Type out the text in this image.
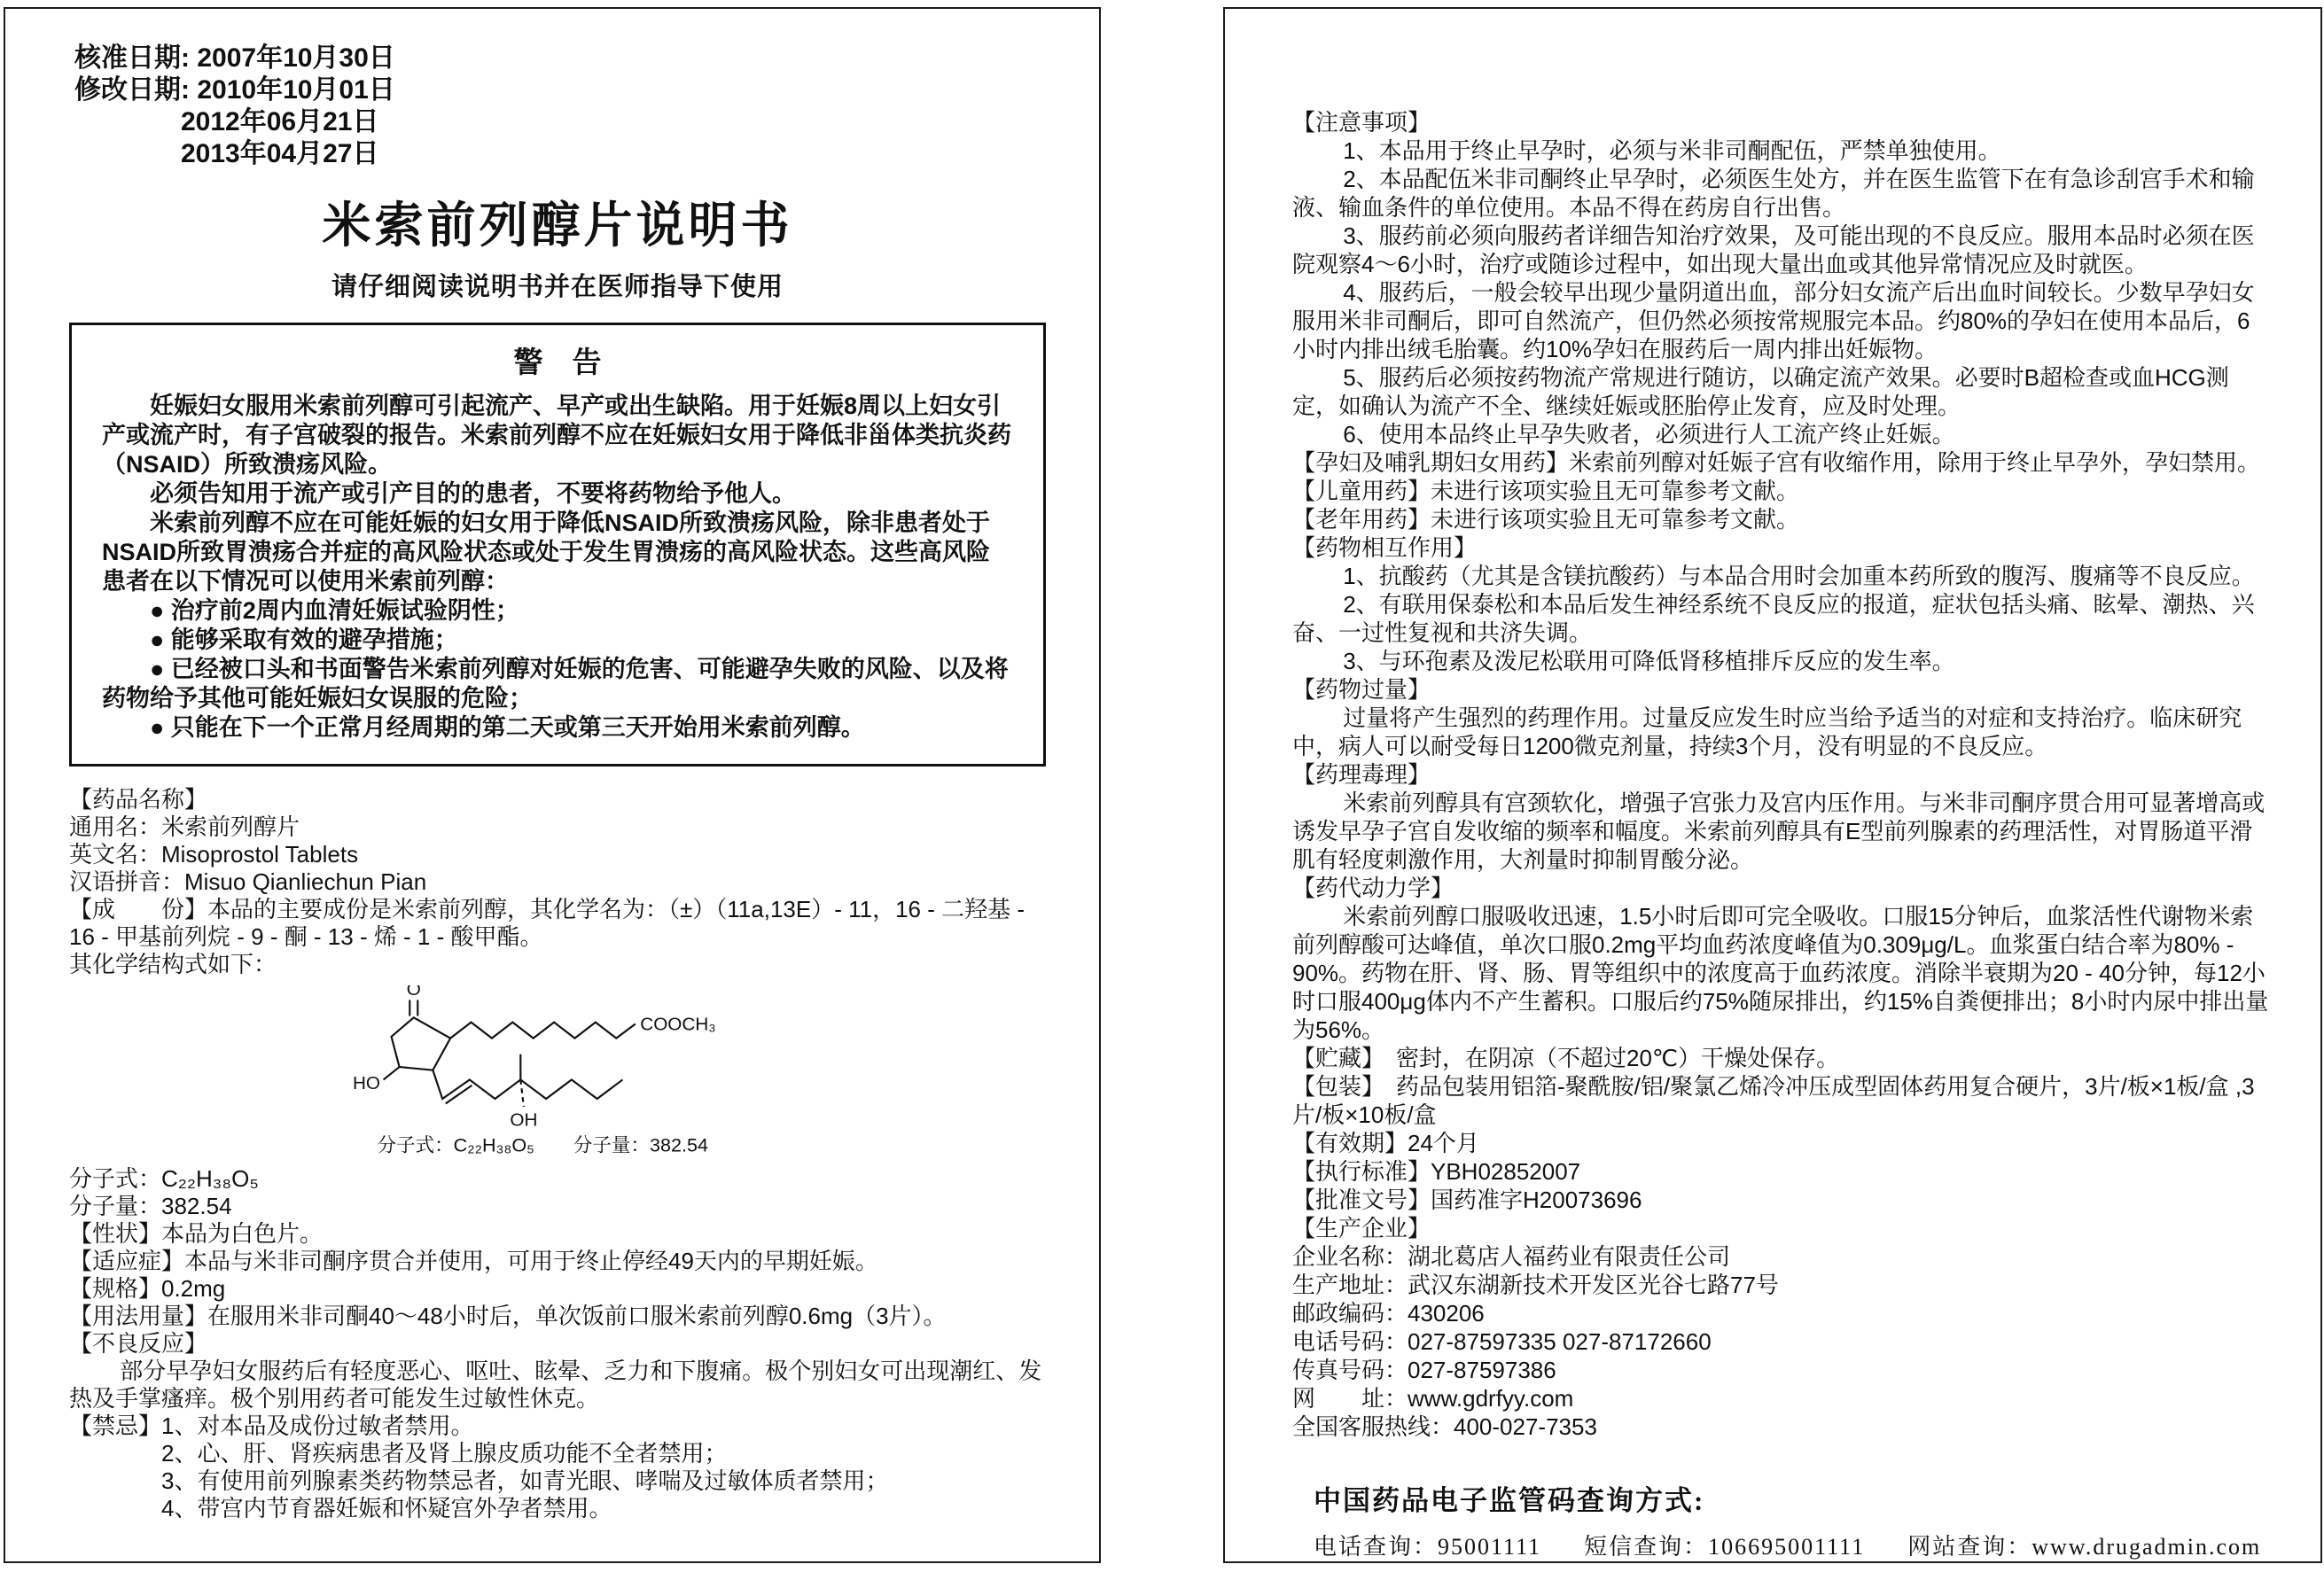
核准日期: 2007年10月30日
修改日期: 2010年10月01日
2012年06月21日
2013年04月27日
米索前列醇片说明书
请仔细阅读说明书并在医师指导下使用
警　告
妊娠妇女服用米索前列醇可引起流产、早产或出生缺陷。用于妊娠8周以上妇女引产或流产时，有子宫破裂的报告。米索前列醇不应在妊娠妇女用于降低非甾体类抗炎药（NSAID）所致溃疡风险。
必须告知用于流产或引产目的的患者，不要将药物给予他人。
米索前列醇不应在可能妊娠的妇女用于降低NSAID所致溃疡风险，除非患者处于NSAID所致胃溃疡合并症的高风险状态或处于发生胃溃疡的高风险状态。这些高风险患者在以下情况可以使用米索前列醇：
● 治疗前2周内血清妊娠试验阴性；
● 能够采取有效的避孕措施；
● 已经被口头和书面警告米索前列醇对妊娠的危害、可能避孕失败的风险、以及将药物给予其他可能妊娠妇女误服的危险；
● 只能在下一个正常月经周期的第二天或第三天开始用米索前列醇。
【药品名称】
通用名：米索前列醇片
英文名：Misoprostol Tablets
汉语拼音：Misuo Qianliechun Pian
【成　　份】本品的主要成份是米索前列醇，其化学名为：（±）（11a,13E）- 11，16 - 二羟基 - 16 - 甲基前列烷 - 9 - 酮 - 13 - 烯 - 1 - 酸甲酯。
其化学结构式如下：
O
HO
OH
COOCH₃
分子式：C₂₂H₃₈O₅ 分子量：382.54
分子式：C₂₂H₃₈O₅
分子量：382.54
【性状】本品为白色片。
【适应症】本品与米非司酮序贯合并使用，可用于终止停经49天内的早期妊娠。
【规格】0.2mg
【用法用量】在服用米非司酮40～48小时后，单次饭前口服米索前列醇0.6mg（3片）。
【不良反应】
部分早孕妇女服药后有轻度恶心、呕吐、眩晕、乏力和下腹痛。极个别妇女可出现潮红、发热及手掌瘙痒。极个别用药者可能发生过敏性休克。
【禁忌】1、对本品及成份过敏者禁用。
2、心、肝、肾疾病患者及肾上腺皮质功能不全者禁用；
3、有使用前列腺素类药物禁忌者，如青光眼、哮喘及过敏体质者禁用；
4、带宫内节育器妊娠和怀疑宫外孕者禁用。
【注意事项】
1、本品用于终止早孕时，必须与米非司酮配伍，严禁单独使用。
2、本品配伍米非司酮终止早孕时，必须医生处方，并在医生监管下在有急诊刮宫手术和输液、输血条件的单位使用。本品不得在药房自行出售。
3、服药前必须向服药者详细告知治疗效果，及可能出现的不良反应。服用本品时必须在医院观察4～6小时，治疗或随诊过程中，如出现大量出血或其他异常情况应及时就医。
4、服药后，一般会较早出现少量阴道出血，部分妇女流产后出血时间较长。少数早孕妇女服用米非司酮后，即可自然流产，但仍然必须按常规服完本品。约80%的孕妇在使用本品后，6小时内排出绒毛胎囊。约10%孕妇在服药后一周内排出妊娠物。
5、服药后必须按药物流产常规进行随访，以确定流产效果。必要时B超检查或血HCG测定，如确认为流产不全、继续妊娠或胚胎停止发育，应及时处理。
6、使用本品终止早孕失败者，必须进行人工流产终止妊娠。
【孕妇及哺乳期妇女用药】米索前列醇对妊娠子宫有收缩作用，除用于终止早孕外，孕妇禁用。
【儿童用药】未进行该项实验且无可靠参考文献。
【老年用药】未进行该项实验且无可靠参考文献。
【药物相互作用】
1、抗酸药（尤其是含镁抗酸药）与本品合用时会加重本药所致的腹泻、腹痛等不良反应。
2、有联用保泰松和本品后发生神经系统不良反应的报道，症状包括头痛、眩晕、潮热、兴奋、一过性复视和共济失调。
3、与环孢素及泼尼松联用可降低肾移植排斥反应的发生率。
【药物过量】
过量将产生强烈的药理作用。过量反应发生时应当给予适当的对症和支持治疗。临床研究中，病人可以耐受每日1200微克剂量，持续3个月，没有明显的不良反应。
【药理毒理】
米索前列醇具有宫颈软化，增强子宫张力及宫内压作用。与米非司酮序贯合用可显著增高或诱发早孕子宫自发收缩的频率和幅度。米索前列醇具有E型前列腺素的药理活性，对胃肠道平滑肌有轻度刺激作用，大剂量时抑制胃酸分泌。
【药代动力学】
米索前列醇口服吸收迅速，1.5小时后即可完全吸收。口服15分钟后，血浆活性代谢物米索前列醇酸可达峰值，单次口服0.2mg平均血药浓度峰值为0.309μg/L。血浆蛋白结合率为80% - 90%。药物在肝、肾、肠、胃等组织中的浓度高于血药浓度。消除半衰期为20 - 40分钟，每12小时口服400μg体内不产生蓄积。口服后约75%随尿排出，约15%自粪便排出；8小时内尿中排出量为56%。
【贮藏】　密封，在阴凉（不超过20℃）干燥处保存。
【包装】　药品包装用铝箔-聚酰胺/铝/聚氯乙烯冷冲压成型固体药用复合硬片，3片/板×1板/盒 ,3片/板×10板/盒
【有效期】24个月
【执行标准】YBH02852007
【批准文号】国药准字H20073696
【生产企业】
企业名称：湖北葛店人福药业有限责任公司
生产地址：武汉东湖新技术开发区光谷七路77号
邮政编码：430206
电话号码：027-87597335 027-87172660
传真号码：027-87597386
网　　址：www.gdrfyy.com
全国客服热线：400-027-7353
中国药品电子监管码查询方式:
电话查询：95001111 短信查询：106695001111 网站查询：www.drugadmin.com
